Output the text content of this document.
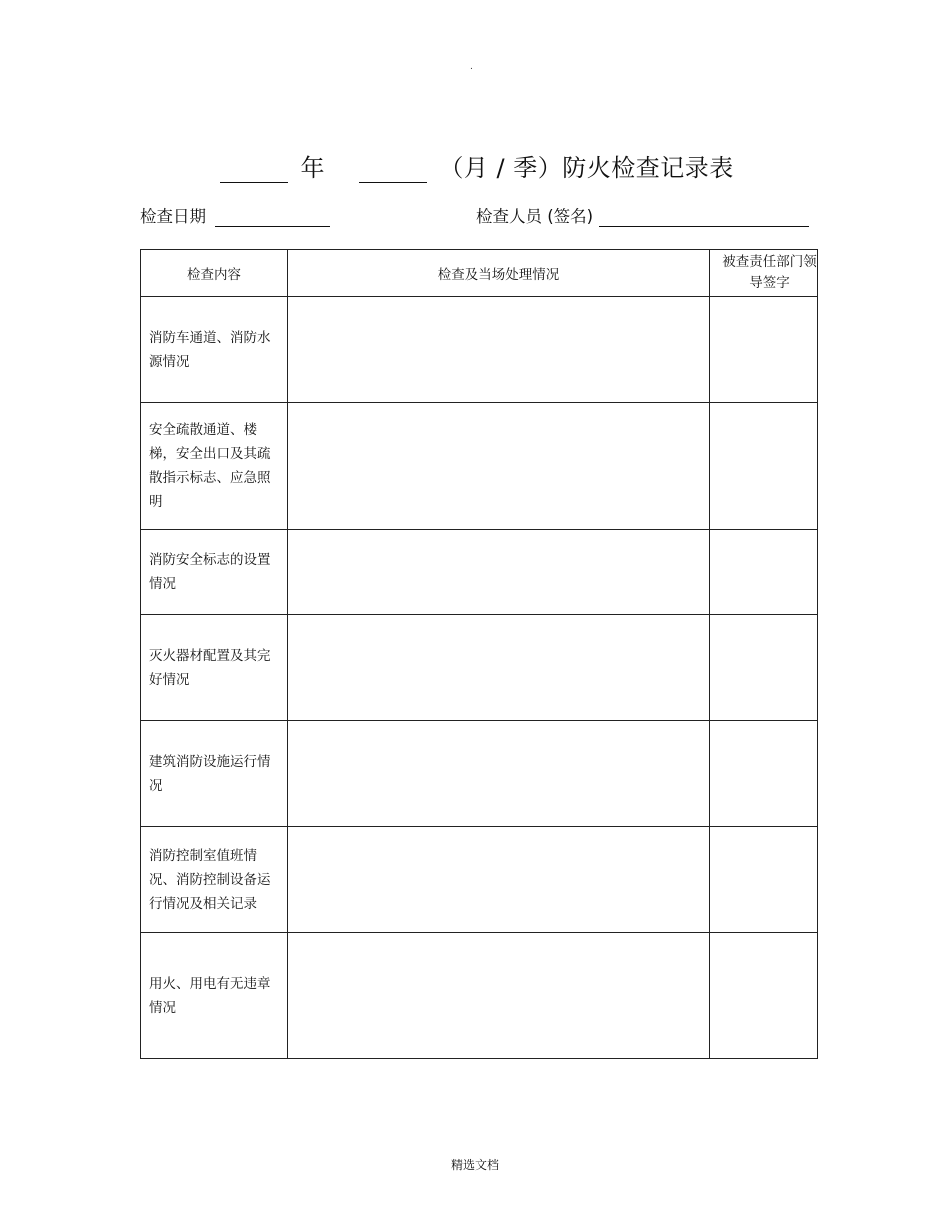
.
年	（月 / 季）防火检查记录表
检查日期	检查人员 (签名)
检查内容	检查及当场处理情况	被查责任部门领导签字
消防车通道、消防水源情况		
安全疏散通道、楼梯，安全出口及其疏散指示标志、应急照明		
消防安全标志的设置情况		
灭火器材配置及其完好情况		
建筑消防设施运行情况		
消防控制室值班情况、消防控制设备运行情况及相关记录		
用火、用电有无违章情况		
精选文档
